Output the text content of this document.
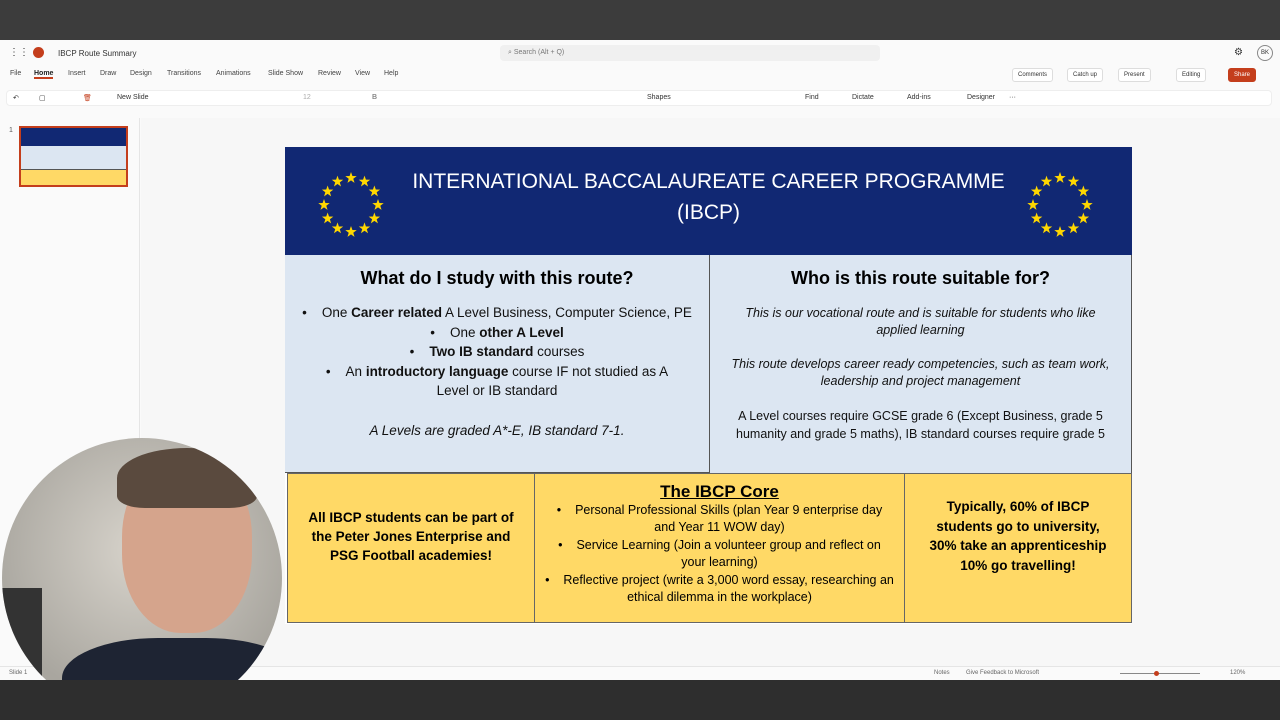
⋮⋮	IBCP Route Summary	⌕ Search (Alt + Q)	⚙	BK
File Home Insert Draw Design Transitions Animations Slide Show Review View Help	Comments	Catch up	Present	Editing	Share
↶	▢	🗑	New Slide	12	B	Shapes	Find	Dictate	Add-ins	Designer ···
1
Slide 1	Notes	Give Feedback to Microsoft	120%
INTERNATIONAL BACCALAUREATE CAREER PROGRAMME
(IBCP)
What do I study with this route?
•    One Career related A Level Business, Computer Science, PE
•    One other A Level
•    Two IB standard courses
•    An introductory language course IF not studied as A Level or IB standard

A Levels are graded A*-E, IB standard 7-1.

Who is this route suitable for?

This is our vocational route and is suitable for students who like applied learning

This route develops career ready competencies, such as team work, leadership and project management

A Level courses require GCSE grade 6 (Except Business, grade 5 humanity and grade 5 maths), IB standard courses require grade 5

All IBCP students can be part of the Peter Jones Enterprise and PSG Football academies!

The IBCP Core
•    Personal Professional Skills (plan Year 9 enterprise day and Year 11 WOW day)
•    Service Learning (Join a volunteer group and reflect on your learning)
•    Reflective project (write a 3,000 word essay, researching an ethical dilemma in the workplace)

Typically, 60% of IBCP students go to university, 30% take an apprenticeship 10% go travelling!
